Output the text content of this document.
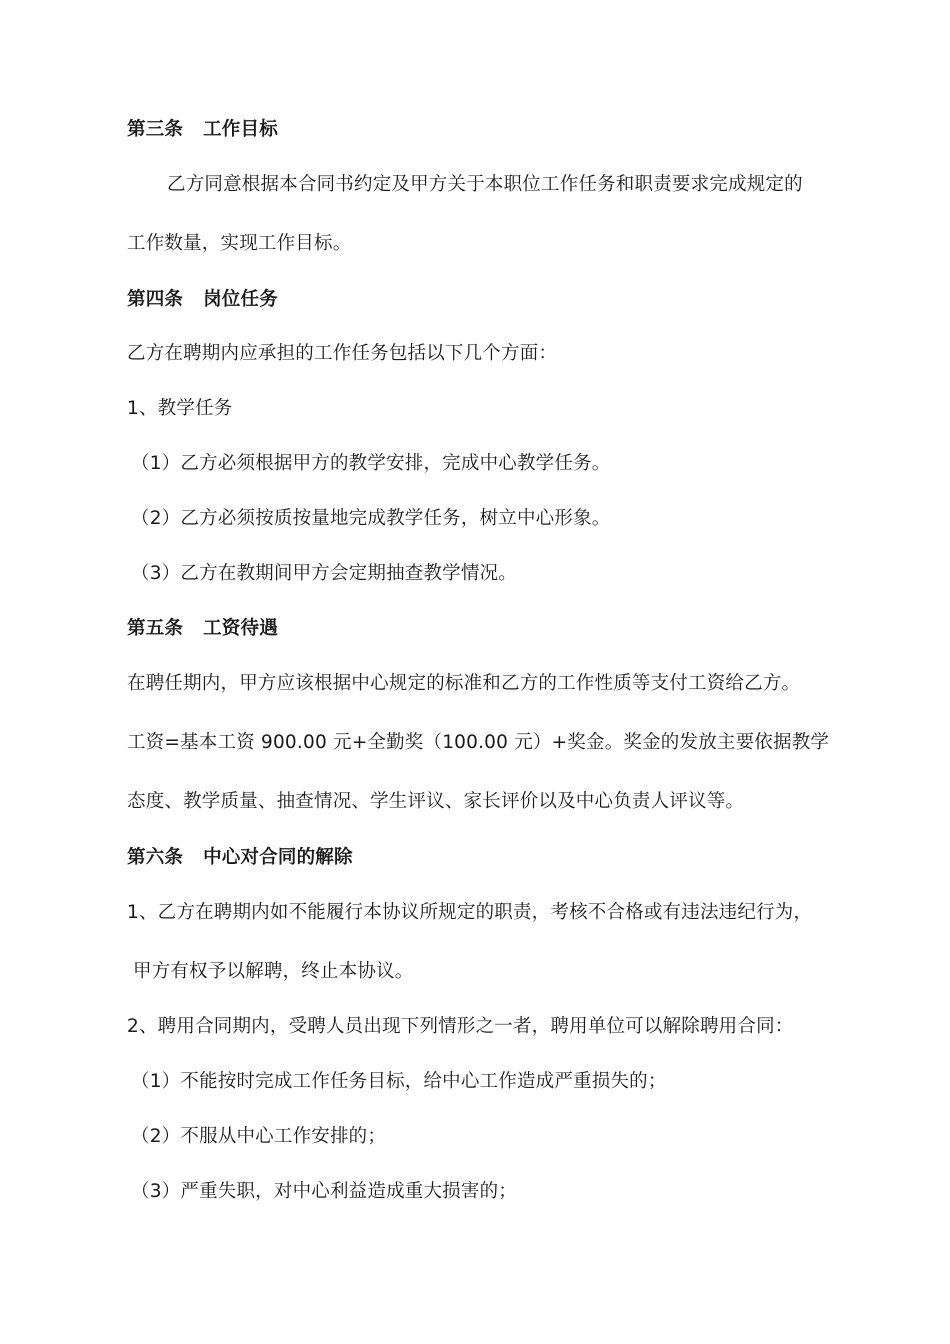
第三条 工作目标
乙方同意根据本合同书约定及甲方关于本职位工作任务和职责要求完成规定的
工作数量，实现工作目标。
第四条 岗位任务
乙方在聘期内应承担的工作任务包括以下几个方面：
1、教学任务
（1）乙方必须根据甲方的教学安排，完成中心教学任务。
（2）乙方必须按质按量地完成教学任务，树立中心形象。
（3）乙方在教期间甲方会定期抽查教学情况。
第五条 工资待遇
在聘任期内，甲方应该根据中心规定的标准和乙方的工作性质等支付工资给乙方。
工资=基本工资 900.00 元+全勤奖（100.00 元）+奖金。奖金的发放主要依据教学
态度、教学质量、抽查情况、学生评议、家长评价以及中心负责人评议等。
第六条 中心对合同的解除
1、乙方在聘期内如不能履行本协议所规定的职责，考核不合格或有违法违纪行为，
甲方有权予以解聘，终止本协议。
2、聘用合同期内，受聘人员出现下列情形之一者，聘用单位可以解除聘用合同：
（1）不能按时完成工作任务目标，给中心工作造成严重损失的；
（2）不服从中心工作安排的；
（3）严重失职，对中心利益造成重大损害的；
